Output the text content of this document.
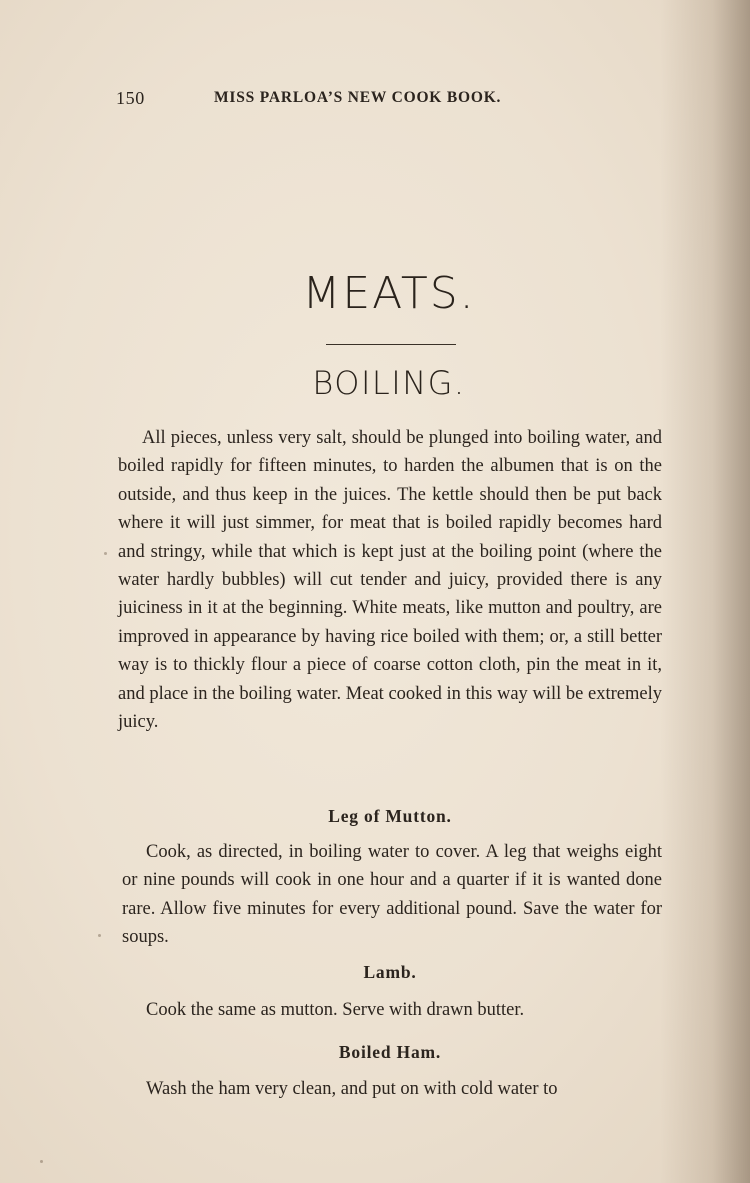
150	MISS PARLOA’S NEW COOK BOOK.
MEATS.
BOILING.

All pieces, unless very salt, should be plunged into boiling water, and boiled rapidly for fifteen minutes, to harden the albumen that is on the outside, and thus keep in the juices. The kettle should then be put back where it will just simmer, for meat that is boiled rapidly becomes hard and stringy, while that which is kept just at the boiling point (where the water hardly bubbles) will cut tender and juicy, provided there is any juiciness in it at the beginning. White meats, like mutton and poultry, are improved in appearance by having rice boiled with them; or, a still better way is to thickly flour a piece of coarse cotton cloth, pin the meat in it, and place in the boiling water. Meat cooked in this way will be extremely juicy.

Leg of Mutton.

Cook, as directed, in boiling water to cover. A leg that weighs eight or nine pounds will cook in one hour and a quarter if it is wanted done rare. Allow five minutes for every additional pound. Save the water for soups.

Lamb.

Cook the same as mutton. Serve with drawn butter.

Boiled Ham.

Wash the ham very clean, and put on with cold water to
